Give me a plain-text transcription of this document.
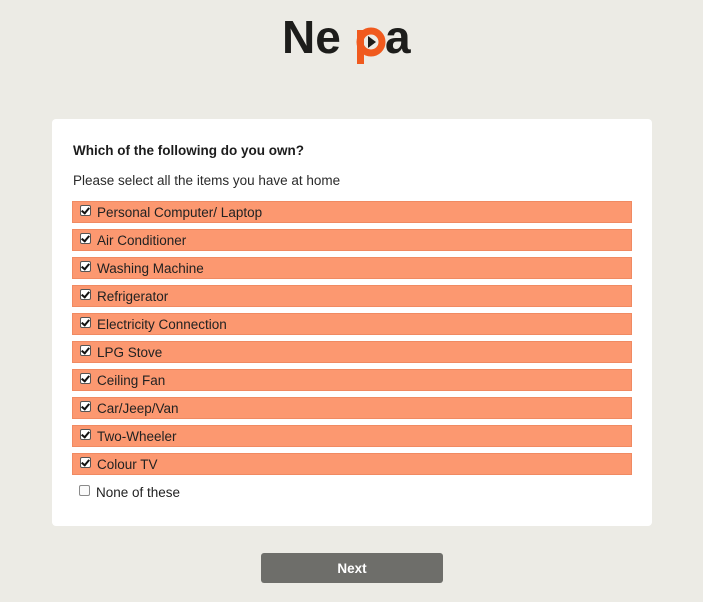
Ne a
Which of the following do you own?
Please select all the items you have at home
Personal Computer/ Laptop
Air Conditioner
Washing Machine
Refrigerator
Electricity Connection
LPG Stove
Ceiling Fan
Car/Jeep/Van
Two-Wheeler
Colour TV
None of these
Next
